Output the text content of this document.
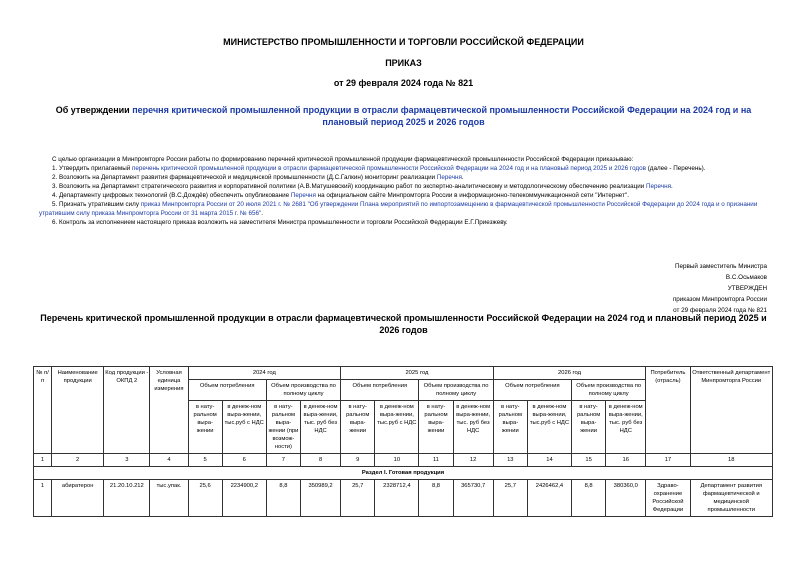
МИНИСТЕРСТВО ПРОМЫШЛЕННОСТИ И ТОРГОВЛИ РОССИЙСКОЙ ФЕДЕРАЦИИ
ПРИКАЗ
от 29 февраля 2024 года № 821
Об утверждении перечня критической промышленной продукции в отрасли фармацевтической промышленности Российской Федерации на 2024 год и на плановый период 2025 и 2026 годов

С целью организации в Минпромторге России работы по формированию перечней критической промышленной продукции фармацевтической промышленности Российской Федерации приказываю:

1. Утвердить прилагаемый перечень критической промышленной продукции в отрасли фармацевтической промышленности Российской Федерации на 2024 год и на плановый период 2025 и 2026 годов (далее - Перечень).

2. Возложить на Департамент развития фармацевтической и медицинской промышленности (Д.С.Галкин) мониторинг реализации Перечня.

3. Возложить на Департамент стратегического развития и корпоративной политики (А.В.Матушевский) координацию работ по экспертно-аналитическому и методологическому обеспечению реализации Перечня.

4. Департаменту цифровых технологий (В.С.Дождёв) обеспечить опубликование Перечня на официальном сайте Минпромторга России в информационно-телекоммуникационной сети "Интернет".

5. Признать утратившим силу приказ Минпромторга России от 20 июля 2021 г. № 2681 "Об утверждении Плана мероприятий по импортозамещению в фармацевтической промышленности Российской Федерации до 2024 года и о признании утратившим силу приказа Минпромторга России от 31 марта 2015 г. № 656".

6. Контроль за исполнением настоящего приказа возложить на заместителя Министра промышленности и торговли Российской Федерации Е.Г.Приезжеву.

Первый заместитель Министра
В.С.Осьмаков
УТВЕРЖДЕН
приказом Минпромторга России
от 29 февраля 2024 года № 821
Перечень критической промышленной продукции в отрасли фармацевтической промышленности Российской Федерации на 2024 год и плановый период 2025 и 2026 годов
№ п/п	Наименование продукции	Код продукции - ОКПД 2	Условная единица измерения	2024 год				2025 год				2026 год				Потребитель (отрасль)	Ответственный департамент Минпромторга России
				Объем потребления		Объем производства по полному циклу		Объем потребления		Объем производства по полному циклу		Объем потребления		Объем производства по полному циклу			
				в нату-ральном выра-жении	в денеж-ном выра-жении, тыс.руб с НДС	в нату-ральном выра-жении (при возмож-ности)	в денеж-ном выра-жении, тыс. руб без НДС	в нату-ральном выра-жении	в денеж-ном выра-жении, тыс.руб с НДС	в нату-ральном выра-жении	в денеж-ном выра-жении, тыс. руб без НДС	в нату-ральном выра-жении	в денеж-ном выра-жении, тыс.руб с НДС	в нату-ральном выра-жении	в денеж-ном выра-жении, тыс. руб без НДС		
1	2	3	4	5	6	7	8	9	10	11	12	13	14	15	16	17	18
Раздел I. Готовая продукция																	
1	абиратерон	21.20.10.212	тыс.упак.	25,6	2234900,2	8,8	350989,2	25,7	2328712,4	8,8	365730,7	25,7	2426462,4	8,8	380360,0	Здраво-охранение Российской Федерации	Департамент развития фармацевтической и медицинской промышленности
